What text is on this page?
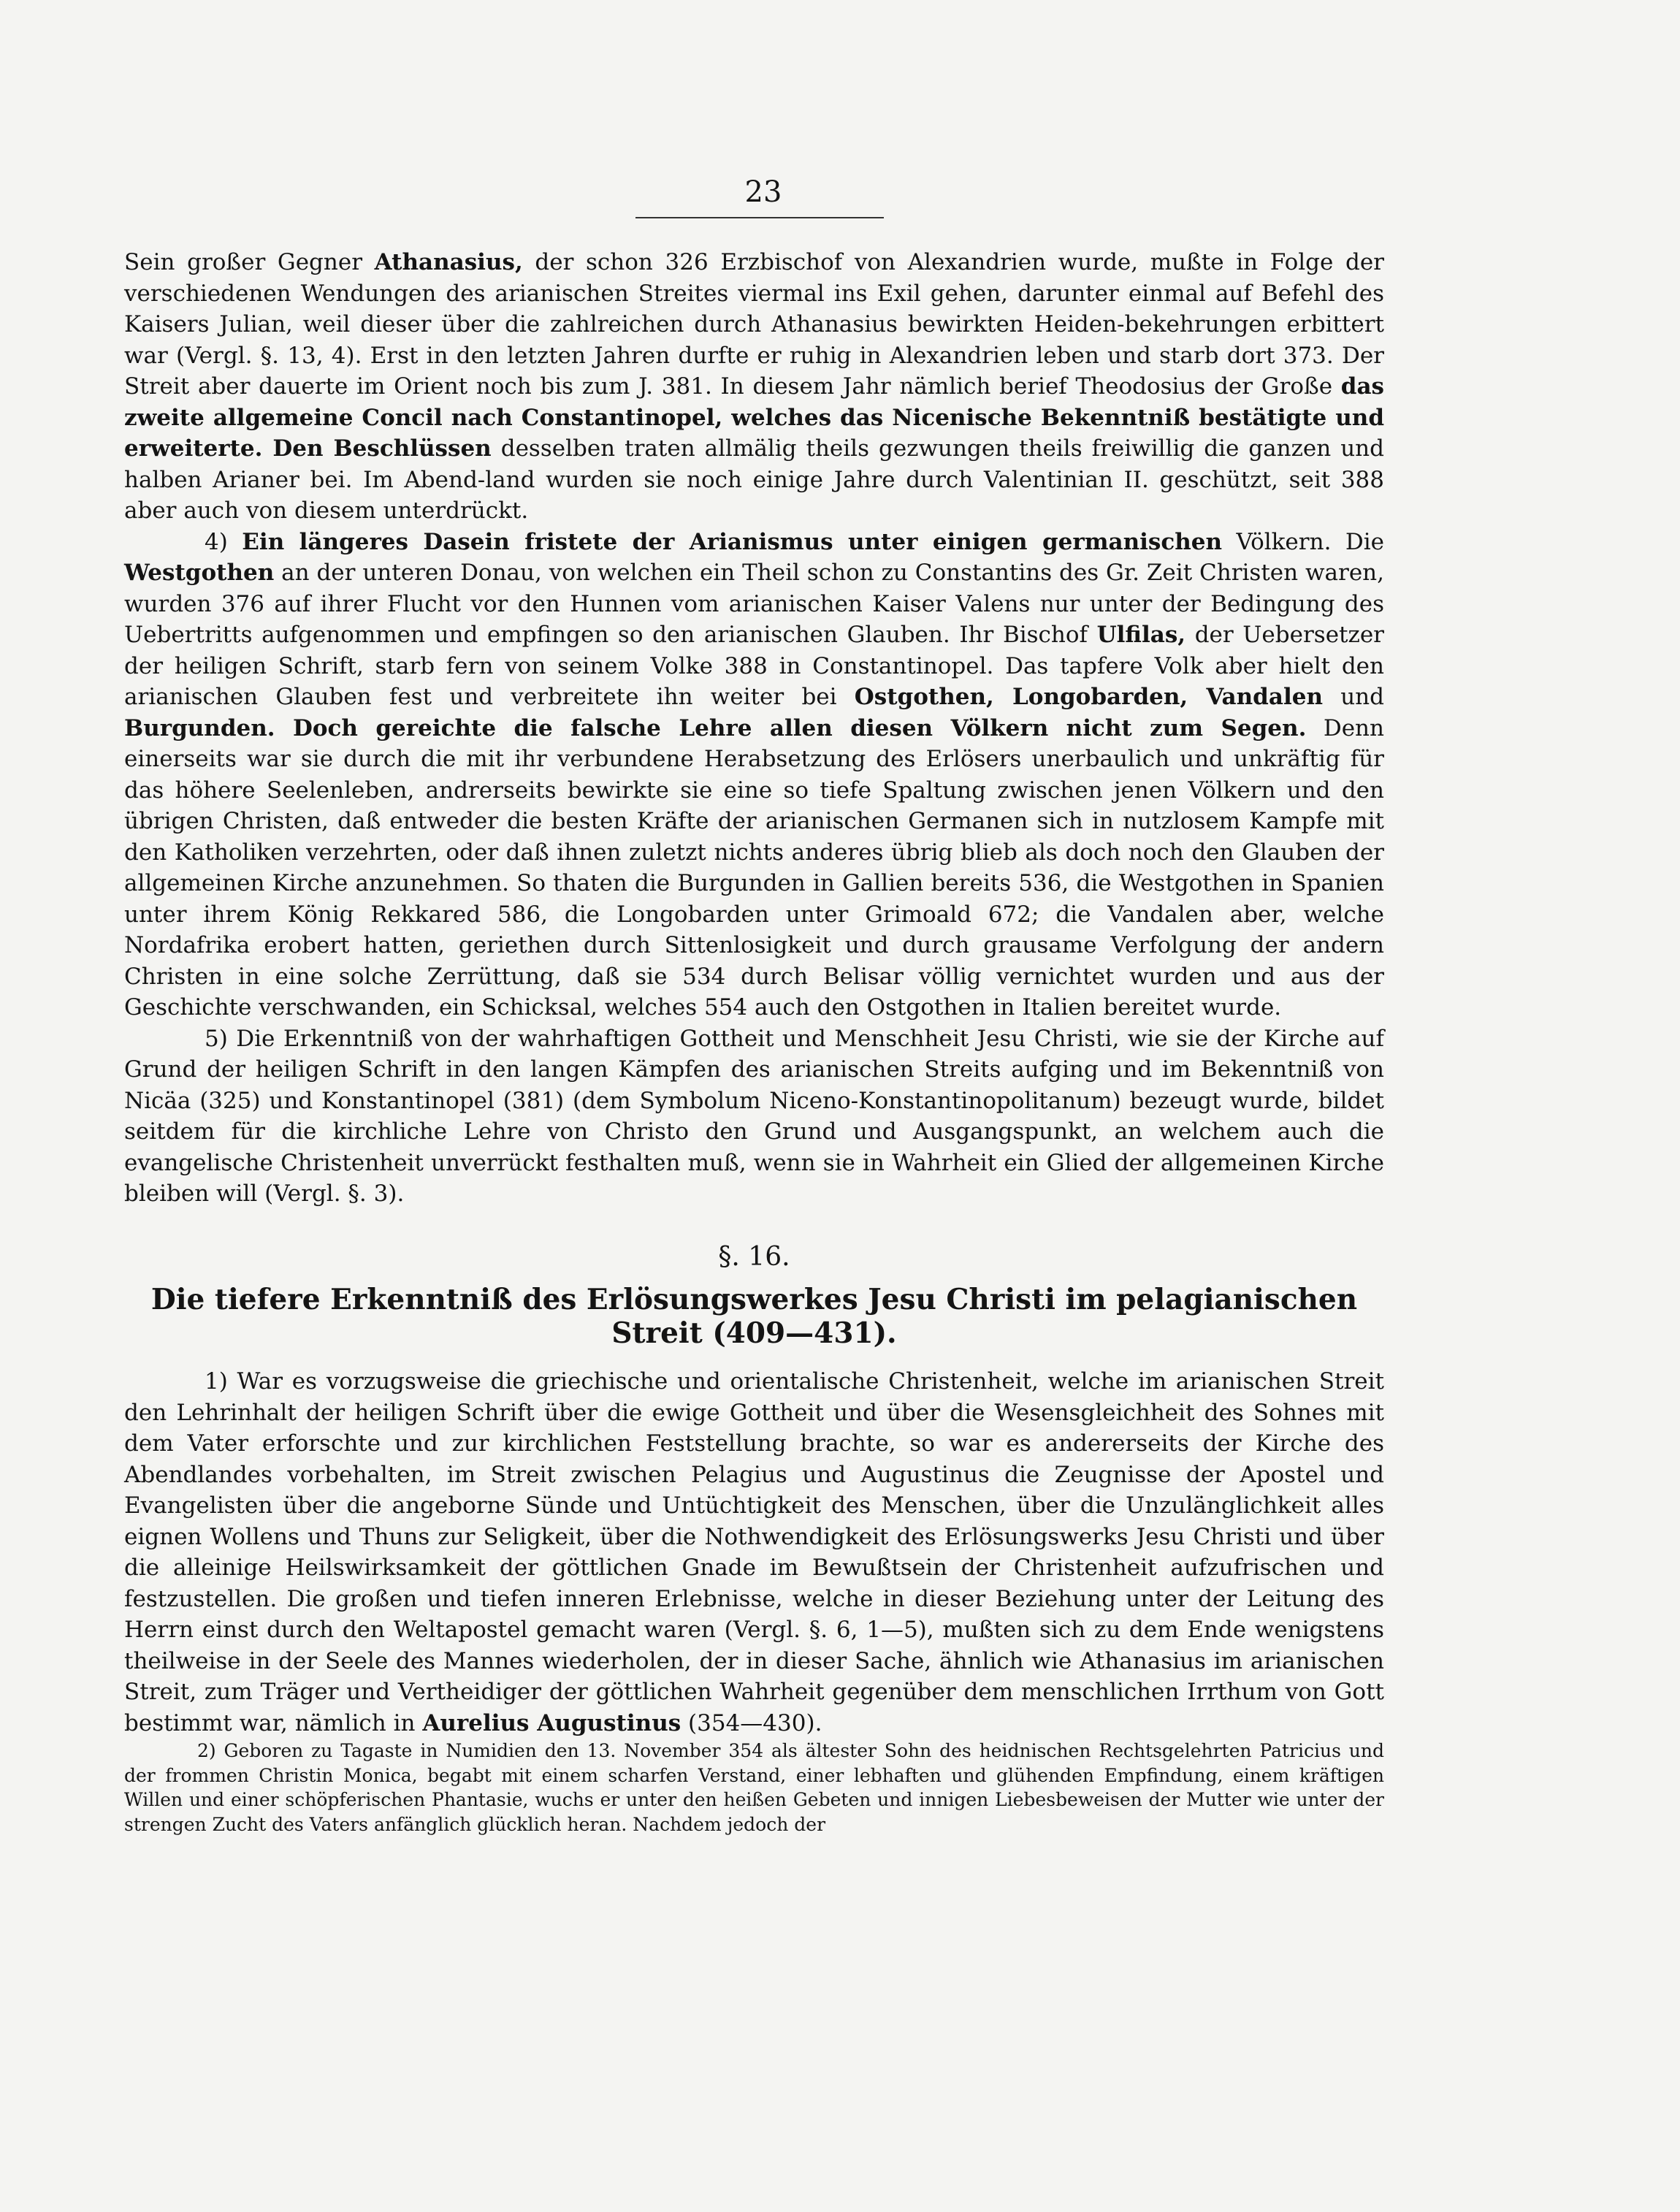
23

Sein großer Gegner Athanasius, der schon 326 Erzbischof von Alexandrien wurde, mußte in Folge der verschiedenen Wendungen des arianischen Streites viermal ins Exil gehen, darunter einmal auf Befehl des Kaisers Julian, weil dieser über die zahlreichen durch Athanasius bewirkten Heiden-bekehrungen erbittert war (Vergl. §. 13, 4). Erst in den letzten Jahren durfte er ruhig in Alexandrien leben und starb dort 373. Der Streit aber dauerte im Orient noch bis zum J. 381. In diesem Jahr nämlich berief Theodosius der Große das zweite allgemeine Concil nach Constantinopel, welches das Nicenische Bekenntniß bestätigte und erweiterte. Den Beschlüssen desselben traten allmälig theils gezwungen theils freiwillig die ganzen und halben Arianer bei. Im Abend-land wurden sie noch einige Jahre durch Valentinian II. geschützt, seit 388 aber auch von diesem unterdrückt.

4) Ein längeres Dasein fristete der Arianismus unter einigen germanischen Völkern. Die Westgothen an der unteren Donau, von welchen ein Theil schon zu Constantins des Gr. Zeit Christen waren, wurden 376 auf ihrer Flucht vor den Hunnen vom arianischen Kaiser Valens nur unter der Bedingung des Uebertritts aufgenommen und empfingen so den arianischen Glauben. Ihr Bischof Ulfilas, der Uebersetzer der heiligen Schrift, starb fern von seinem Volke 388 in Constantinopel. Das tapfere Volk aber hielt den arianischen Glauben fest und verbreitete ihn weiter bei Ostgothen, Longobarden, Vandalen und Burgunden. Doch gereichte die falsche Lehre allen diesen Völkern nicht zum Segen. Denn einerseits war sie durch die mit ihr verbundene Herabsetzung des Erlösers unerbaulich und unkräftig für das höhere Seelenleben, andrerseits bewirkte sie eine so tiefe Spaltung zwischen jenen Völkern und den übrigen Christen, daß entweder die besten Kräfte der arianischen Germanen sich in nutzlosem Kampfe mit den Katholiken verzehrten, oder daß ihnen zuletzt nichts anderes übrig blieb als doch noch den Glauben der allgemeinen Kirche anzunehmen. So thaten die Burgunden in Gallien bereits 536, die Westgothen in Spanien unter ihrem König Rekkared 586, die Longobarden unter Grimoald 672; die Vandalen aber, welche Nordafrika erobert hatten, geriethen durch Sittenlosigkeit und durch grausame Verfolgung der andern Christen in eine solche Zerrüttung, daß sie 534 durch Belisar völlig vernichtet wurden und aus der Geschichte verschwanden, ein Schicksal, welches 554 auch den Ostgothen in Italien bereitet wurde.

5) Die Erkenntniß von der wahrhaftigen Gottheit und Menschheit Jesu Christi, wie sie der Kirche auf Grund der heiligen Schrift in den langen Kämpfen des arianischen Streits aufging und im Bekenntniß von Nicäa (325) und Konstantinopel (381) (dem Symbolum Niceno-Konstantinopolitanum) bezeugt wurde, bildet seitdem für die kirchliche Lehre von Christo den Grund und Ausgangspunkt, an welchem auch die evangelische Christenheit unverrückt festhalten muß, wenn sie in Wahrheit ein Glied der allgemeinen Kirche bleiben will (Vergl. §. 3).

§. 16.
Die tiefere Erkenntniß des Erlösungswerkes Jesu Christi im pelagianischen Streit (409—431).

1) War es vorzugsweise die griechische und orientalische Christenheit, welche im arianischen Streit den Lehrinhalt der heiligen Schrift über die ewige Gottheit und über die Wesensgleichheit des Sohnes mit dem Vater erforschte und zur kirchlichen Feststellung brachte, so war es andererseits der Kirche des Abendlandes vorbehalten, im Streit zwischen Pelagius und Augustinus die Zeugnisse der Apostel und Evangelisten über die angeborne Sünde und Untüchtigkeit des Menschen, über die Unzulänglichkeit alles eignen Wollens und Thuns zur Seligkeit, über die Nothwendigkeit des Erlösungswerks Jesu Christi und über die alleinige Heilswirksamkeit der göttlichen Gnade im Bewußtsein der Christenheit aufzufrischen und festzustellen. Die großen und tiefen inneren Erlebnisse, welche in dieser Beziehung unter der Leitung des Herrn einst durch den Weltapostel gemacht waren (Vergl. §. 6, 1—5), mußten sich zu dem Ende wenigstens theilweise in der Seele des Mannes wiederholen, der in dieser Sache, ähnlich wie Athanasius im arianischen Streit, zum Träger und Vertheidiger der göttlichen Wahrheit gegenüber dem menschlichen Irrthum von Gott bestimmt war, nämlich in Aurelius Augustinus (354—430).

2) Geboren zu Tagaste in Numidien den 13. November 354 als ältester Sohn des heidnischen Rechtsgelehrten Patricius und der frommen Christin Monica, begabt mit einem scharfen Verstand, einer lebhaften und glühenden Empfindung, einem kräftigen Willen und einer schöpferischen Phantasie, wuchs er unter den heißen Gebeten und innigen Liebesbeweisen der Mutter wie unter der strengen Zucht des Vaters anfänglich glücklich heran. Nachdem jedoch der
